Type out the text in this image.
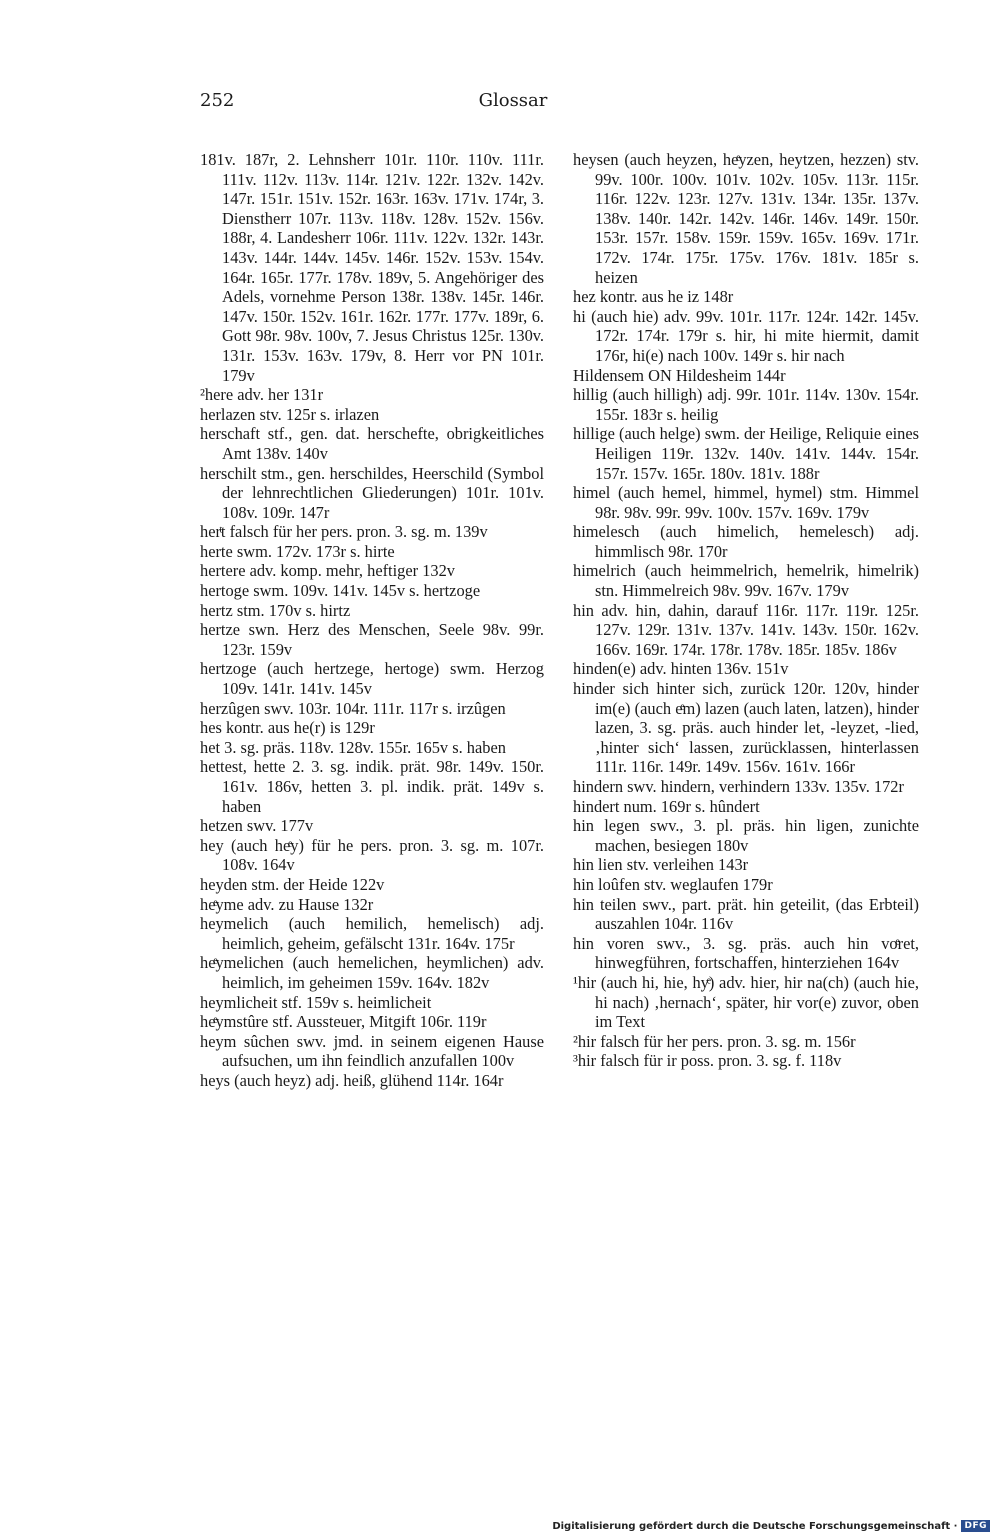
252	Glossar

181v. 187r, 2. Lehnsherr 101r. 110r. 110v. 111r. 111v. 112v. 113v. 114r. 121v. 122r. 132v. 142v. 147r. 151r. 151v. 152r. 163r. 163v. 171v. 174r, 3. Dienstherr 107r. 113v. 118v. 128v. 152v. 156v. 188r, 4. Landesherr 106r. 111v. 122v. 132r. 143r. 143v. 144r. 144v. 145v. 146r. 152v. 153v. 154v. 164r. 165r. 177r. 178v. 189v, 5. Angehöriger des Adels, vornehme Person 138r. 138v. 145r. 146r. 147v. 150r. 152v. 161r. 162r. 177r. 177v. 189r, 6. Gott 98r. 98v. 100v, 7. Jesus Christus 125r. 130v. 131r. 153v. 163v. 179v, 8. Herr vor PN 101r. 179v

²here adv. her 131r

herlazen stv. 125r s. irlazen

herschaft stf., gen. dat. herschefte, obrigkeitliches Amt 138v. 140v

herschilt stm., gen. herschildes, Heerschild (Symbol der lehnrechtlichen Gliederungen) 101r. 101v. 108v. 109r. 147r

herͭt falsch für her pers. pron. 3. sg. m. 139v

herte swm. 172v. 173r s. hirte

hertere adv. komp. mehr, heftiger 132v

hertoge swm. 109v. 141v. 145v s. hertzoge

hertz stm. 170v s. hirtz

hertze swn. Herz des Menschen, Seele 98v. 99r. 123r. 159v

hertzoge (auch hertzege, hertoge) swm. Herzog 109v. 141r. 141v. 145v

herzûgen swv. 103r. 104r. 111r. 117r s. irzûgen

hes kontr. aus he(r) is 129r

het 3. sg. präs. 118v. 128v. 155r. 165v s. haben

hettest, hette 2. 3. sg. indik. prät. 98r. 149v. 150r. 161v. 186v, hetten 3. pl. indik. prät. 149v s. haben

hetzen swv. 177v

hey (auch heͤy) für he pers. pron. 3. sg. m. 107r. 108v. 164v

heyden stm. der Heide 122v

heͤyme adv. zu Hause 132r

heymelich (auch hemilich, hemelisch) adj. heimlich, geheim, gefälscht 131r. 164v. 175r

heͤymelichen (auch hemelichen, heymlichen) adv. heimlich, im geheimen 159v. 164v. 182v

heymlicheit stf. 159v s. heimlicheit

heͤymstûre stf. Aussteuer, Mitgift 106r. 119r

heym sûchen swv. jmd. in seinem eigenen Hause aufsuchen, um ihn feindlich anzufallen 100v

heys (auch heyz) adj. heiß, glühend 114r. 164r

heysen (auch heyzen, heͤyzen, heytzen, hezzen) stv. 99v. 100r. 100v. 101v. 102v. 105v. 113r. 115r. 116r. 122v. 123r. 127v. 131v. 134r. 135r. 137v. 138v. 140r. 142r. 142v. 146r. 146v. 149r. 150r. 153r. 157r. 158v. 159r. 159v. 165v. 169v. 171r. 172v. 174r. 175r. 175v. 176v. 181v. 185r s. heizen

hez kontr. aus he iz 148r

hi (auch hie) adv. 99v. 101r. 117r. 124r. 142r. 145v. 172r. 174r. 179r s. hir, hi mite hiermit, damit 176r, hi(e) nach 100v. 149r s. hir nach

Hildensem ON Hildesheim 144r

hillig (auch hilligh) adj. 99r. 101r. 114v. 130v. 154r. 155r. 183r s. heilig

hillige (auch helge) swm. der Heilige, Reliquie eines Heiligen 119r. 132v. 140v. 141v. 144v. 154r. 157r. 157v. 165r. 180v. 181v. 188r

himel (auch hemel, himmel, hymel) stm. Himmel 98r. 98v. 99r. 99v. 100v. 157v. 169v. 179v

himelesch (auch himelich, hemelesch) adj. himmlisch 98r. 170r

himelrich (auch heimmelrich, hemelrik, himelrik) stn. Himmelreich 98v. 99v. 167v. 179v

hin adv. hin, dahin, darauf 116r. 117r. 119r. 125r. 127v. 129r. 131v. 137v. 141v. 143v. 150r. 162v. 166v. 169r. 174r. 178r. 178v. 185r. 185v. 186v

hinden(e) adv. hinten 136v. 151v

hinder sich hinter sich, zurück 120r. 120v, hinder im(e) (auch eͤm) lazen (auch laten, latzen), hinder lazen, 3. sg. präs. auch hinder let, -leyzet, -lied, ‚hinter sich‘ lassen, zurücklassen, hinterlassen 111r. 116r. 149r. 149v. 156v. 161v. 166r

hindern swv. hindern, verhindern 133v. 135v. 172r

hindert num. 169r s. hûndert

hin legen swv., 3. pl. präs. hin ligen, zunichte machen, besiegen 180v

hin lien stv. verleihen 143r

hin loûfen stv. weglaufen 179r

hin teilen swv., part. prät. hin geteilit, (das Erbteil) auszahlen 104r. 116v

hin voren swv., 3. sg. präs. auch hin voͤret, hinwegführen, fortschaffen, hinterziehen 164v

¹hir (auch hi, hie, hyͤ) adv. hier, hir na(ch) (auch hie, hi nach) ‚hernach‘, später, hir vor(e) zuvor, oben im Text

²hir falsch für her pers. pron. 3. sg. m. 156r

³hir falsch für ir poss. pron. 3. sg. f. 118v

Digitalisierung gefördert durch die Deutsche Forschungsgemeinschaft · DFG
